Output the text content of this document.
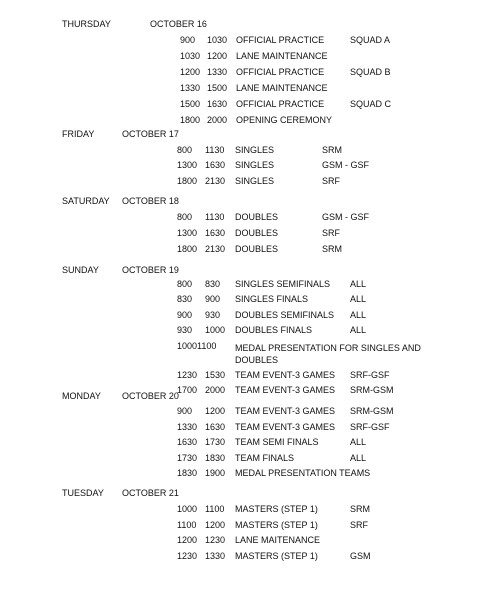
THURSDAY	OCTOBER 16
900 1030 OFFICIAL PRACTICE	SQUAD A
1030 1200 LANE MAINTENANCE
1200 1330 OFFICIAL PRACTICE	SQUAD B
1330 1500 LANE MAINTENANCE
1500 1630 OFFICIAL PRACTICE	SQUAD C
1800 2000 OPENING CEREMONY
FRIDAY	OCTOBER 17
800 1130 SINGLES	SRM
1300 1630 SINGLES	GSM - GSF
1800 2130 SINGLES	SRF
SATURDAY OCTOBER 18
800 1130 DOUBLES	GSM - GSF
1300 1630 DOUBLES	SRF
1800 2130 DOUBLES	SRM
SUNDAY	OCTOBER 19
800 830 SINGLES SEMIFINALS ALL
830 900 SINGLES FINALS	ALL
900 930 DOUBLES SEMIFINALS ALL
930 1000 DOUBLES FINALS	ALL
10001100 MEDAL PRESENTATION FOR SINGLES AND DOUBLES
1230 1530 TEAM EVENT-3 GAMES SRF-GSF
1700 2000 TEAM EVENT-3 GAMES SRM-GSM
MONDAY OCTOBER 20
900 1200 TEAM EVENT-3 GAMES SRM-GSM
1330 1630 TEAM EVENT-3 GAMES SRF-GSF
1630 1730 TEAM SEMI FINALS	ALL
1730 1830 TEAM FINALS	ALL
1830 1900 MEDAL PRESENTATION TEAMS
TUESDAY OCTOBER 21
1000 1100 MASTERS (STEP 1)	SRM
1100 1200 MASTERS (STEP 1)	SRF
1200 1230 LANE MAITENANCE
1230 1330 MASTERS (STEP 1)	GSM
